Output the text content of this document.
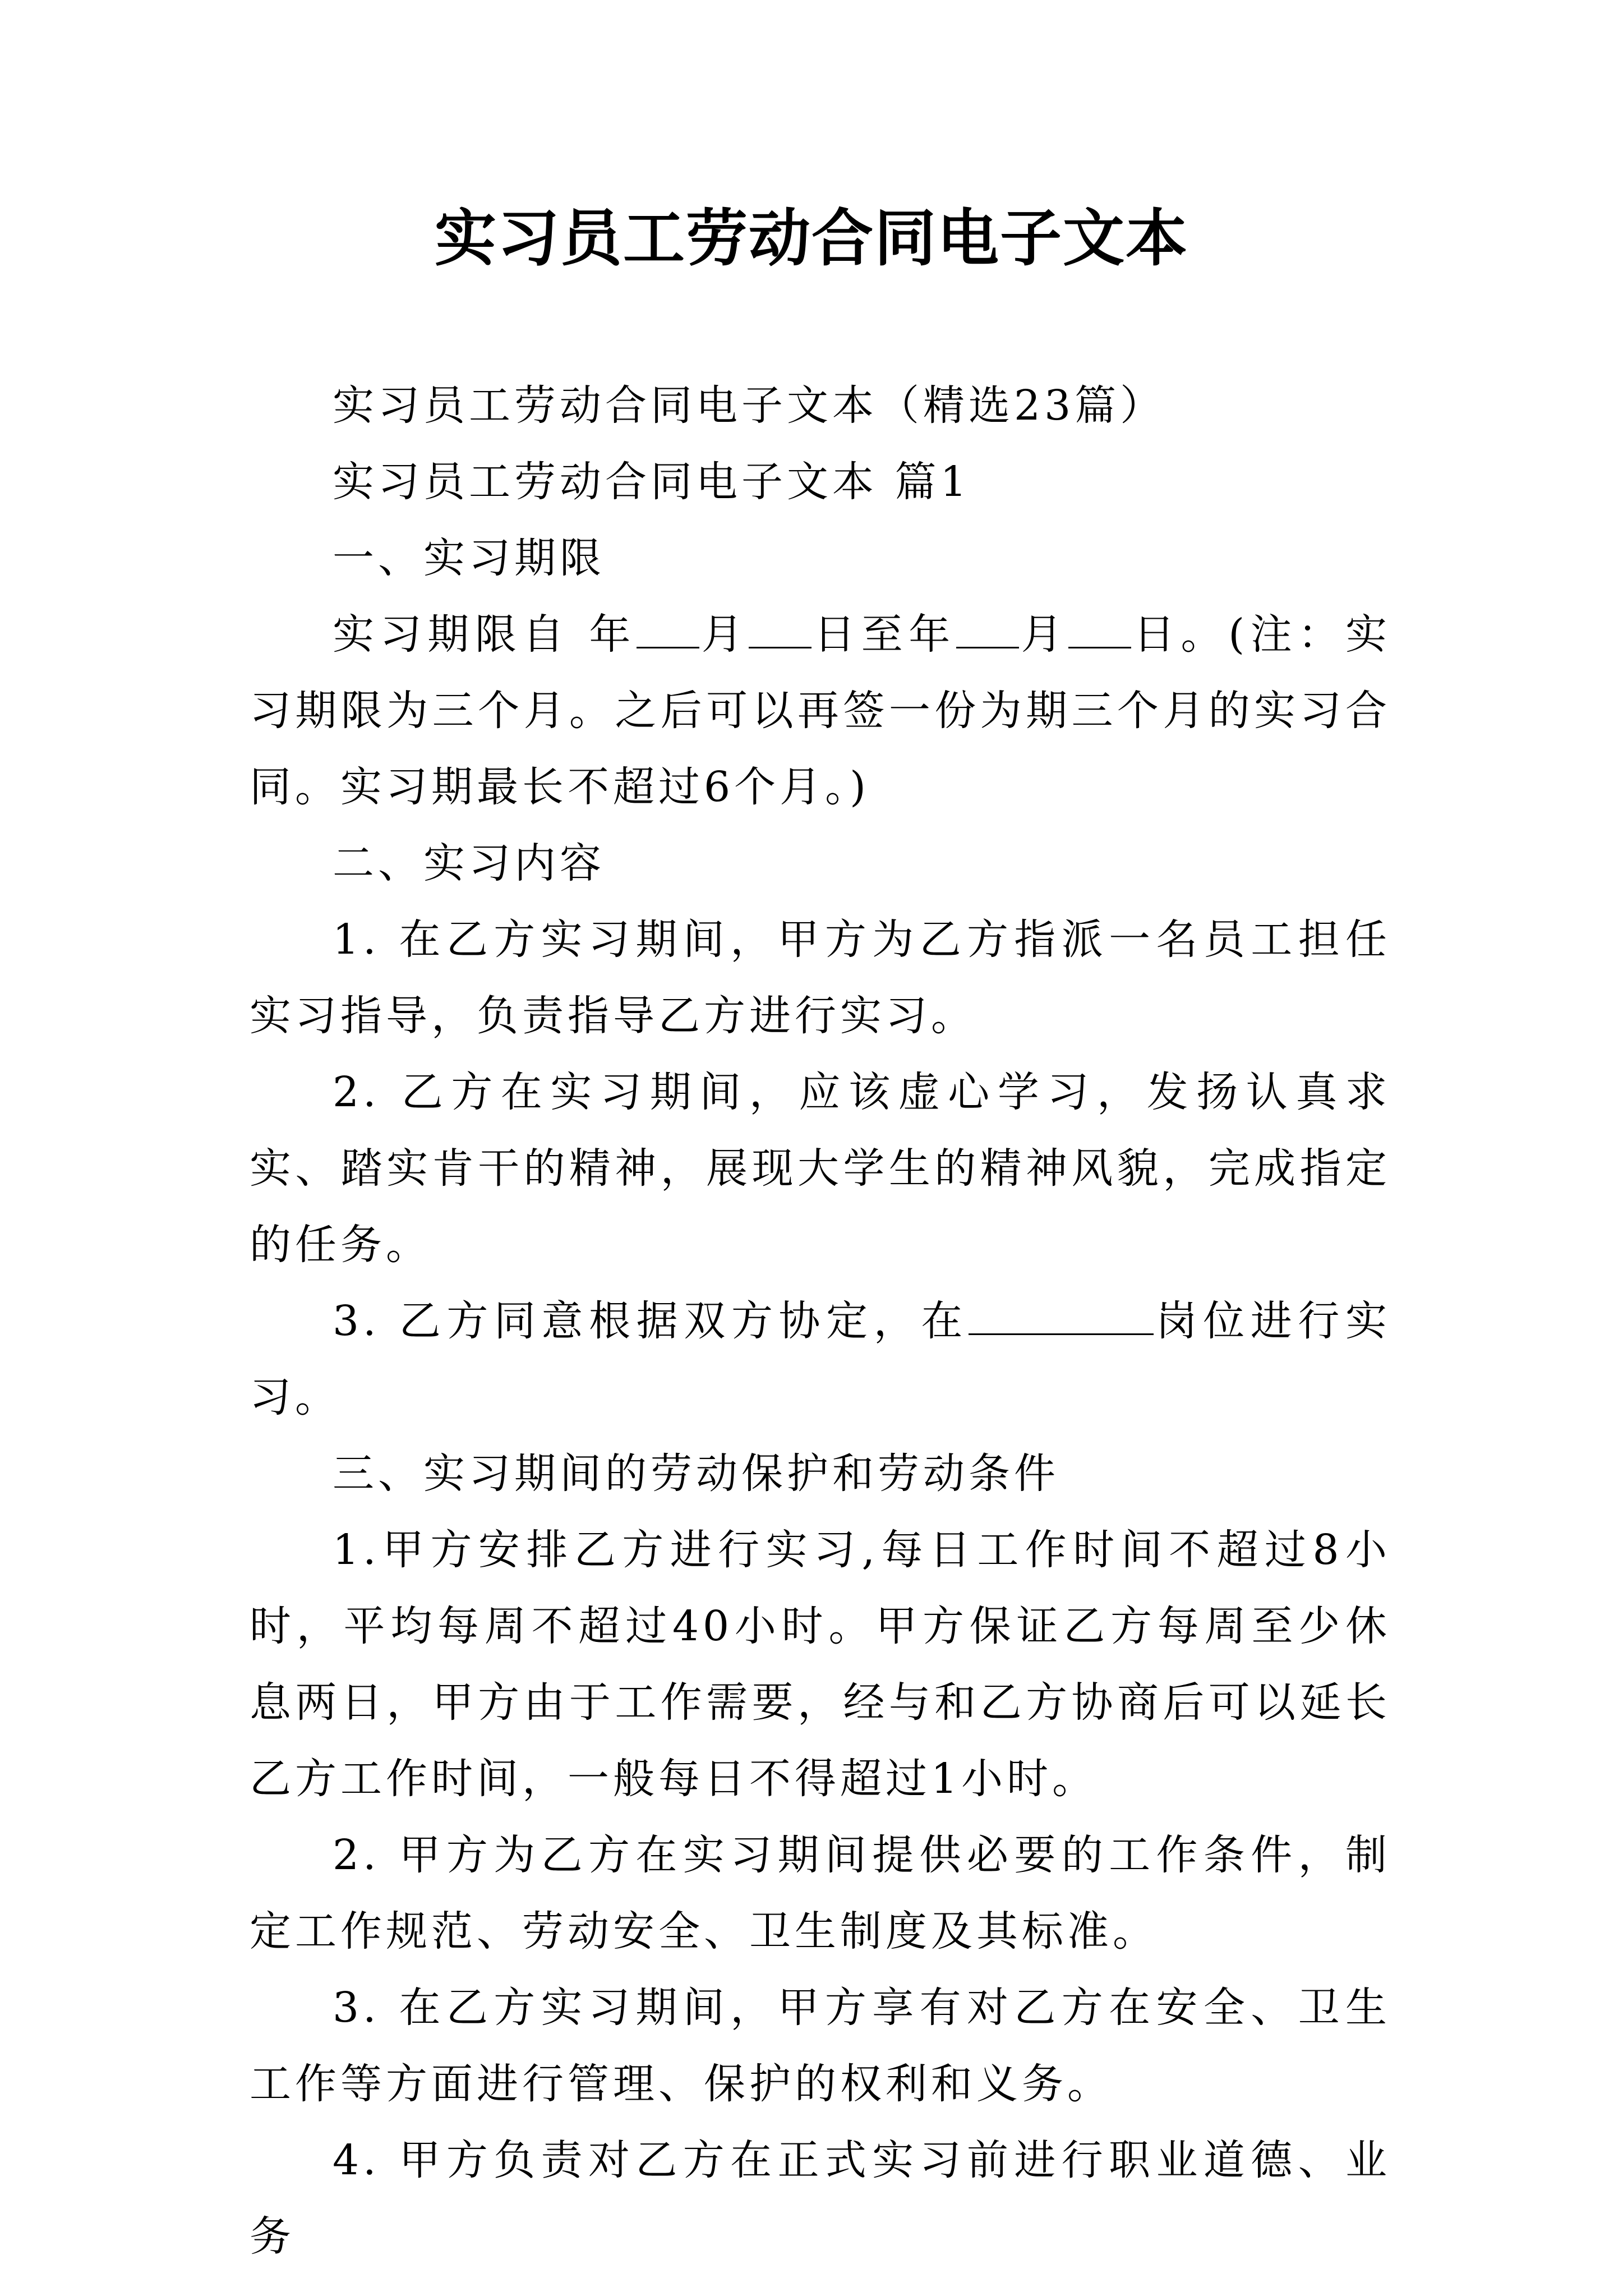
实习员工劳动合同电子文本

实习员工劳动合同电子文本（精选23篇）

实习员工劳动合同电子文本 篇1

一、实习期限

实习期限自 年 月 日至年 月 日。(注：实习期限为三个月。之后可以再签一份为期三个月的实习合同。实习期最长不超过6个月。)

二、实习内容

1. 在乙方实习期间，甲方为乙方指派一名员工担任实习指导，负责指导乙方进行实习。

2. 乙方在实习期间，应该虚心学习，发扬认真求实、踏实肯干的精神，展现大学生的精神风貌，完成指定的任务。

3. 乙方同意根据双方协定，在	岗位进行实习。

三、实习期间的劳动保护和劳动条件

1.甲方安排乙方进行实习,每日工作时间不超过8小时，平均每周不超过40小时。甲方保证乙方每周至少休息两日，甲方由于工作需要，经与和乙方协商后可以延长乙方工作时间，一般每日不得超过1小时。

2. 甲方为乙方在实习期间提供必要的工作条件，制定工作规范、劳动安全、卫生制度及其标准。

3. 在乙方实习期间，甲方享有对乙方在安全、卫生工作等方面进行管理、保护的权利和义务。

4. 甲方负责对乙方在正式实习前进行职业道德、业务
